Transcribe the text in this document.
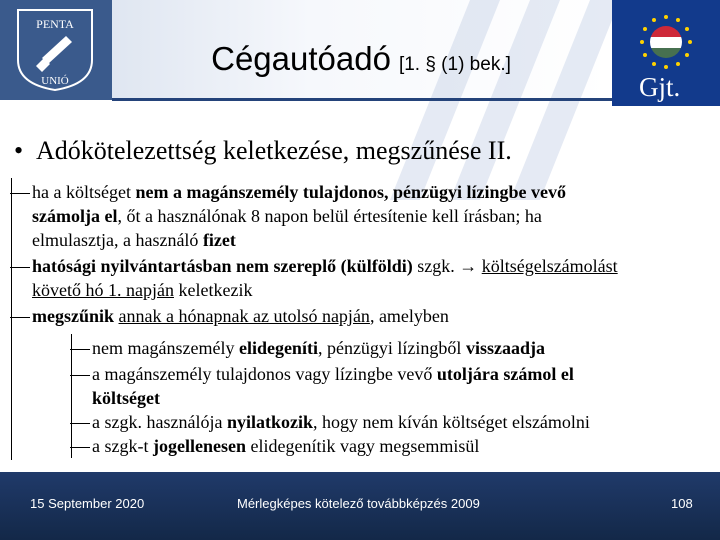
PENTA
UNIÓ
Cégautóadó [1. § (1) bek.]
Gjt.
• Adókötelezettség keletkezése, megszűnése II.
ha a költséget nem a magánszemély tulajdonos, pénzügyi lízingbe vevő
számolja el, őt a használónak 8 napon belül értesítenie kell írásban; ha
elmulasztja, a használó fizet
hatósági nyilvántartásban nem szereplő (külföldi) szgk. → költségelszámolást
követő hó 1. napján keletkezik
megszűnik annak a hónapnak az utolsó napján, amelyben
nem magánszemély elidegeníti, pénzügyi lízingből visszaadja
a magánszemély tulajdonos vagy lízingbe vevő utoljára számol el
költséget
a szgk. használója nyilatkozik, hogy nem kíván költséget elszámolni
a szgk-t jogellenesen elidegenítik vagy megsemmisül
15 September 2020	Mérlegképes kötelező továbbképzés 2009	108
